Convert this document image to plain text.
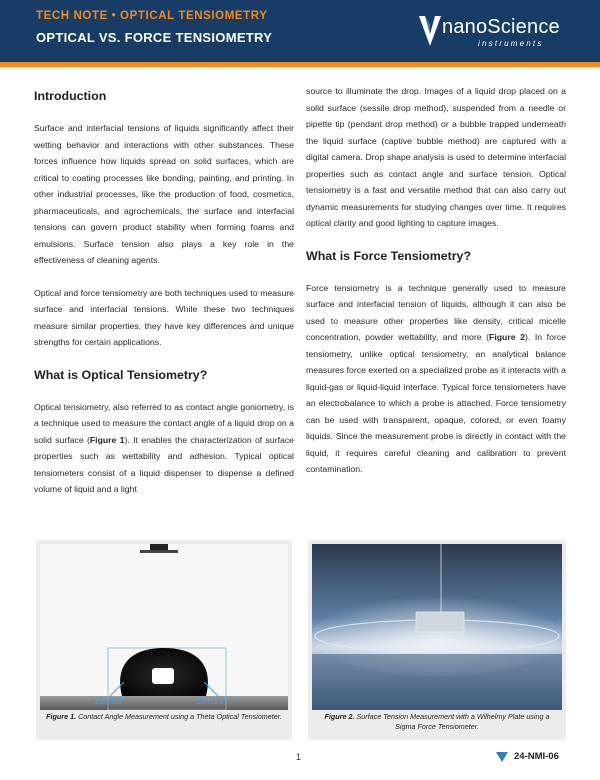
TECH NOTE • OPTICAL TENSIOMETRY
OPTICAL VS. FORCE TENSIOMETRY	nanoScience
instruments
Introduction

Surface and interfacial tensions of liquids significantly affect their wetting behavior and interactions with other substances. These forces influence how liquids spread on solid surfaces, which are critical to coating processes like bonding, painting, and printing. In other industrial processes, like the production of food, cosmetics, pharmaceuticals, and agrochemicals, the surface and interfacial tensions can govern product stability when forming foams and emulsions. Surface tension also plays a key role in the effectiveness of cleaning agents.

Optical and force tensiometry are both techniques used to measure surface and interfacial tensions. While these two techniques measure similar properties, they have key differences and unique strengths for certain applications.

What is Optical Tensiometry?

Optical tensiometry, also referred to as contact angle goniometry, is a technique used to measure the contact angle of a liquid drop on a solid surface (Figure 1). It enables the characterization of surface properties such as wettability and adhesion. Typical optical tensiometers consist of a liquid dispenser to dispense a defined volume of liquid and a light

source to illuminate the drop. Images of a liquid drop placed on a solid surface (sessile drop method), suspended from a needle or pipette tip (pendant drop method) or a bubble trapped underneath the liquid surface (captive bubble method) are captured with a digital camera. Drop shape analysis is used to determine interfacial properties such as contact angle and surface tension. Optical tensiometry is a fast and versatile method that can also carry out dynamic measurements for studying changes over time. It requires optical clarity and good lighting to capture images.

What is Force Tensiometry?

Force tensiometry is a technique generally used to measure surface and interfacial tension of liquids, although it can also be used to measure other properties like density, critical micelle concentration, powder wettability, and more (Figure 2). In force tensiometry, unlike optical tensiometry, an analytical balance measures force exerted on a specialized probe as it interacts with a liquid-gas or liquid-liquid interface. Typical force tensiometers have an electrobalance to which a probe is attached. Force tensiometry can be used with transparent, opaque, colored, or even foamy liquids. Since the measurement probe is directly in contact with the liquid, it requires careful cleaning and calibration to prevent contamination.

134.68°	137.23°
Figure 1. Contact Angle Measurement using a Theta Optical Tensiometer.	Figure 2. Surface Tension Measurement with a Wilhelmy Plate using a Sigma Force Tensiometer.
1	24-NMI-06
